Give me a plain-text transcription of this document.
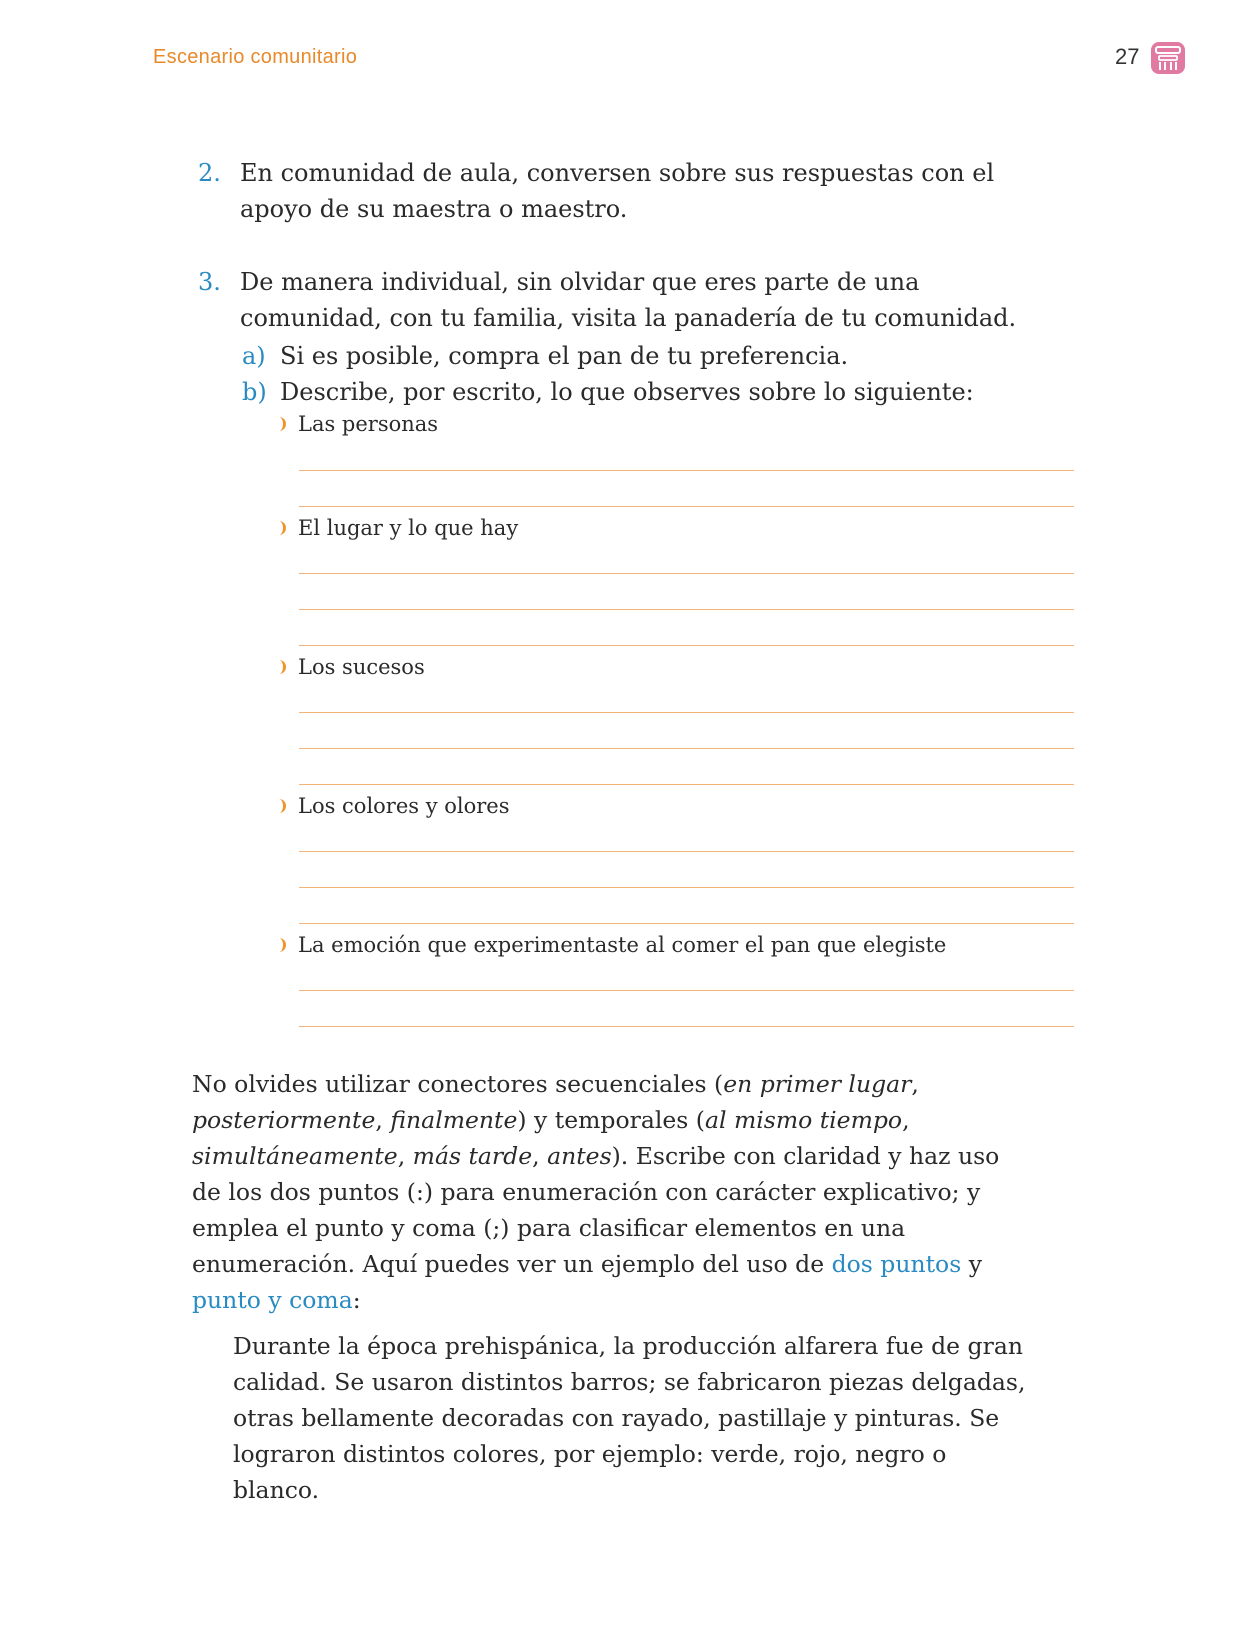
Escenario comunitario	27
2. En comunidad de aula, conversen sobre sus respuestas con el apoyo de su maestra o maestro.
3. De manera individual, sin olvidar que eres parte de una comunidad, con tu familia, visita la panadería de tu comunidad.
a) Si es posible, compra el pan de tu preferencia.
b) Describe, por escrito, lo que observes sobre lo siguiente:
Las personas
El lugar y lo que hay
Los sucesos
Los colores y olores
La emoción que experimentaste al comer el pan que elegiste
No olvides utilizar conectores secuenciales (en primer lugar, posteriormente, finalmente) y temporales (al mismo tiempo, simultáneamente, más tarde, antes). Escribe con claridad y haz uso de los dos puntos (:) para enumeración con carácter explicativo; y emplea el punto y coma (;) para clasificar elementos en una enumeración. Aquí puedes ver un ejemplo del uso de dos puntos y punto y coma:
Durante la época prehispánica, la producción alfarera fue de gran calidad. Se usaron distintos barros; se fabricaron piezas delgadas, otras bellamente decoradas con rayado, pastillaje y pinturas. Se lograron distintos colores, por ejemplo: verde, rojo, negro o blanco.
